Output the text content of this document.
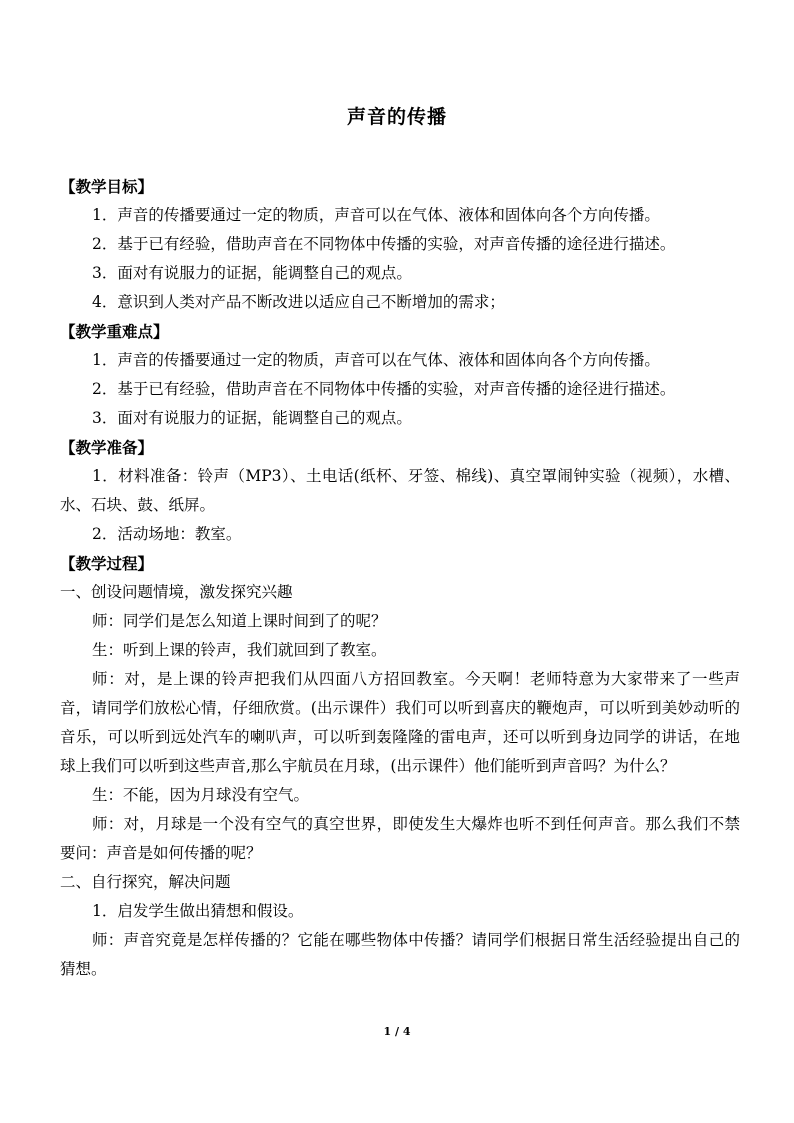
声音的传播

【教学目标】

1．声音的传播要通过一定的物质，声音可以在气体、液体和固体向各个方向传播。

2．基于已有经验，借助声音在不同物体中传播的实验，对声音传播的途径进行描述。

3．面对有说服力的证据，能调整自己的观点。

4．意识到人类对产品不断改进以适应自己不断增加的需求；

【教学重难点】

1．声音的传播要通过一定的物质，声音可以在气体、液体和固体向各个方向传播。

2．基于已有经验，借助声音在不同物体中传播的实验，对声音传播的途径进行描述。

3．面对有说服力的证据，能调整自己的观点。

【教学准备】

1．材料准备：铃声（MP3）、土电话(纸杯、牙签、棉线)、真空罩闹钟实验（视频），水槽、水、石块、鼓、纸屏。

2．活动场地：教室。

【教学过程】

一、创设问题情境，激发探究兴趣

师：同学们是怎么知道上课时间到了的呢？

生：听到上课的铃声，我们就回到了教室。

师：对，是上课的铃声把我们从四面八方招回教室。今天啊！老师特意为大家带来了一些声音，请同学们放松心情，仔细欣赏。(出示课件）我们可以听到喜庆的鞭炮声，可以听到美妙动听的音乐，可以听到远处汽车的喇叭声，可以听到轰隆隆的雷电声，还可以听到身边同学的讲话，在地球上我们可以听到这些声音,那么宇航员在月球，(出示课件）他们能听到声音吗？为什么？

生：不能，因为月球没有空气。

师：对，月球是一个没有空气的真空世界，即使发生大爆炸也听不到任何声音。那么我们不禁要问：声音是如何传播的呢？

二、自行探究，解决问题

1．启发学生做出猜想和假设。

师：声音究竟是怎样传播的？它能在哪些物体中传播？请同学们根据日常生活经验提出自己的猜想。

1 / 4
